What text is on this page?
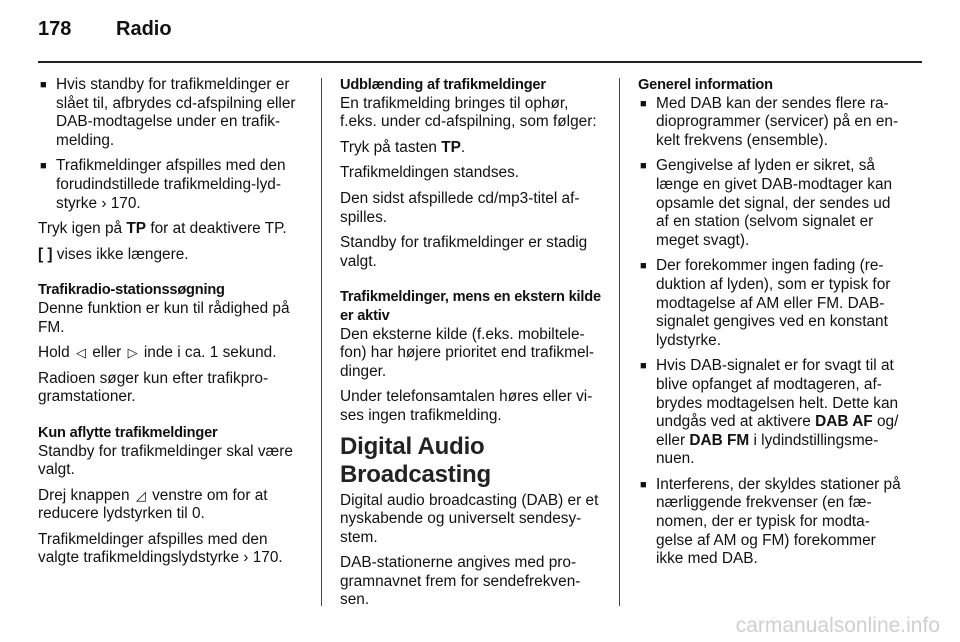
178	Radio
■ Hvis standby for trafikmeldinger er slået til, afbrydes cd-afspilning eller DAB-modtagelse under en trafik-melding.
■ Trafikmeldinger afspilles med den forudindstillede trafikmelding-lyd-styrke › 170.

Tryk igen på TP for at deaktivere TP.

[ ] vises ikke længere.

Trafikradio-stationssøgning

Denne funktion er kun til rådighed på FM.

Hold ◁ eller ▷ inde i ca. 1 sekund.

Radioen søger kun efter trafikpro-gramstationer.

Kun aflytte trafikmeldinger

Standby for trafikmeldinger skal være valgt.

Drej knappen ◿ venstre om for at reducere lydstyrken til 0.

Trafikmeldinger afspilles med den valgte trafikmeldingslydstyrke › 170.

Udblænding af trafikmeldinger

En trafikmelding bringes til ophør, f.eks. under cd-afspilning, som følger:

Tryk på tasten TP.

Trafikmeldingen standses.

Den sidst afspillede cd/mp3-titel af-spilles.

Standby for trafikmeldinger er stadig valgt.

Trafikmeldinger, mens en ekstern kilde er aktiv

Den eksterne kilde (f.eks. mobiltele-fon) har højere prioritet end trafikmel-dinger.

Under telefonsamtalen høres eller vi-ses ingen trafikmelding.

Digital Audio Broadcasting

Digital audio broadcasting (DAB) er et nyskabende og universelt sendesy-stem.

DAB-stationerne angives med pro-gramnavnet frem for sendefrekven-sen.

Generel information
■ Med DAB kan der sendes flere ra-dioprogrammer (servicer) på en en-kelt frekvens (ensemble).
■ Gengivelse af lyden er sikret, så længe en givet DAB-modtager kan opsamle det signal, der sendes ud af en station (selvom signalet er meget svagt).
■ Der forekommer ingen fading (re-duktion af lyden), som er typisk for modtagelse af AM eller FM. DAB-signalet gengives ved en konstant lydstyrke.
■ Hvis DAB-signalet er for svagt til at blive opfanget af modtageren, af-brydes modtagelsen helt. Dette kan undgås ved at aktivere DAB AF og/ eller DAB FM i lydindstillingsme-nuen.
■ Interferens, der skyldes stationer på nærliggende frekvenser (en fæ-nomen, der er typisk for modta-gelse af AM og FM) forekommer ikke med DAB.
carmanualsonline.info
